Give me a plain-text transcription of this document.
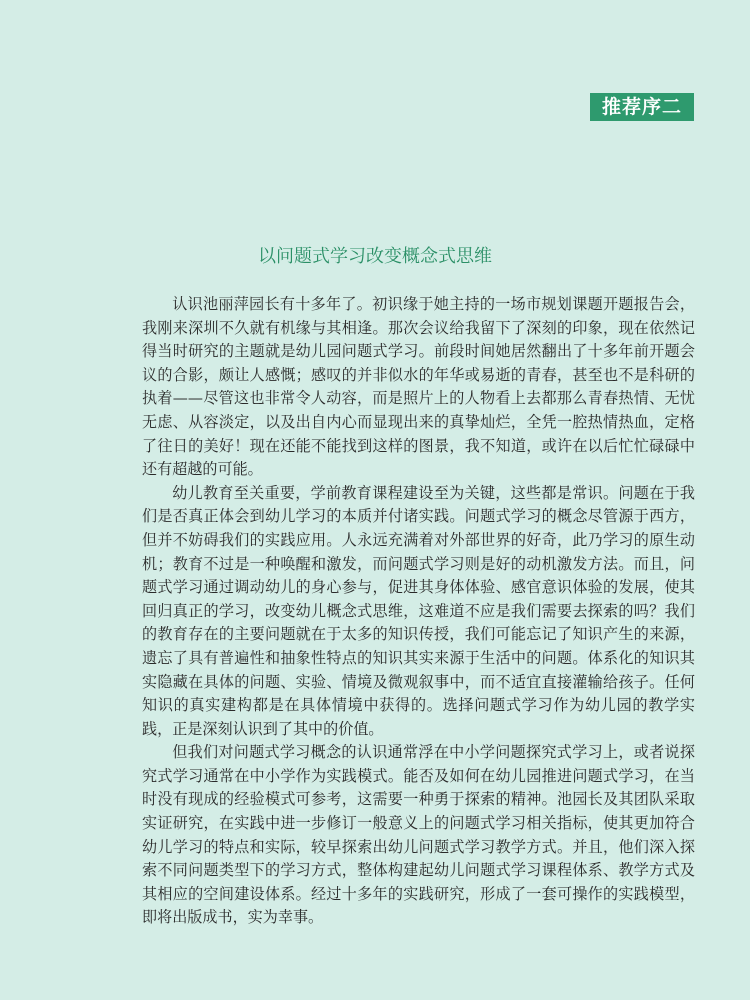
推荐序二
以问题式学习改变概念式思维

认识池丽萍园长有十多年了。初识缘于她主持的一场市规划课题开题报告会，我刚来深圳不久就有机缘与其相逢。那次会议给我留下了深刻的印象，现在依然记得当时研究的主题就是幼儿园问题式学习。前段时间她居然翻出了十多年前开题会议的合影，颇让人感慨；感叹的并非似水的年华或易逝的青春，甚至也不是科研的执着——尽管这也非常令人动容，而是照片上的人物看上去都那么青春热情、无忧无虑、从容淡定，以及出自内心而显现出来的真挚灿烂，全凭一腔热情热血，定格了往日的美好！现在还能不能找到这样的图景，我不知道，或许在以后忙忙碌碌中还有超越的可能。

幼儿教育至关重要，学前教育课程建设至为关键，这些都是常识。问题在于我们是否真正体会到幼儿学习的本质并付诸实践。问题式学习的概念尽管源于西方，但并不妨碍我们的实践应用。人永远充满着对外部世界的好奇，此乃学习的原生动机；教育不过是一种唤醒和激发，而问题式学习则是好的动机激发方法。而且，问题式学习通过调动幼儿的身心参与，促进其身体体验、感官意识体验的发展，使其回归真正的学习，改变幼儿概念式思维，这难道不应是我们需要去探索的吗？我们的教育存在的主要问题就在于太多的知识传授，我们可能忘记了知识产生的来源，遗忘了具有普遍性和抽象性特点的知识其实来源于生活中的问题。体系化的知识其实隐藏在具体的问题、实验、情境及微观叙事中，而不适宜直接灌输给孩子。任何知识的真实建构都是在具体情境中获得的。选择问题式学习作为幼儿园的教学实践，正是深刻认识到了其中的价值。

但我们对问题式学习概念的认识通常浮在中小学问题探究式学习上，或者说探究式学习通常在中小学作为实践模式。能否及如何在幼儿园推进问题式学习，在当时没有现成的经验模式可参考，这需要一种勇于探索的精神。池园长及其团队采取实证研究，在实践中进一步修订一般意义上的问题式学习相关指标，使其更加符合幼儿学习的特点和实际，较早探索出幼儿问题式学习教学方式。并且，他们深入探索不同问题类型下的学习方式，整体构建起幼儿问题式学习课程体系、教学方式及其相应的空间建设体系。经过十多年的实践研究，形成了一套可操作的实践模型，即将出版成书，实为幸事。
